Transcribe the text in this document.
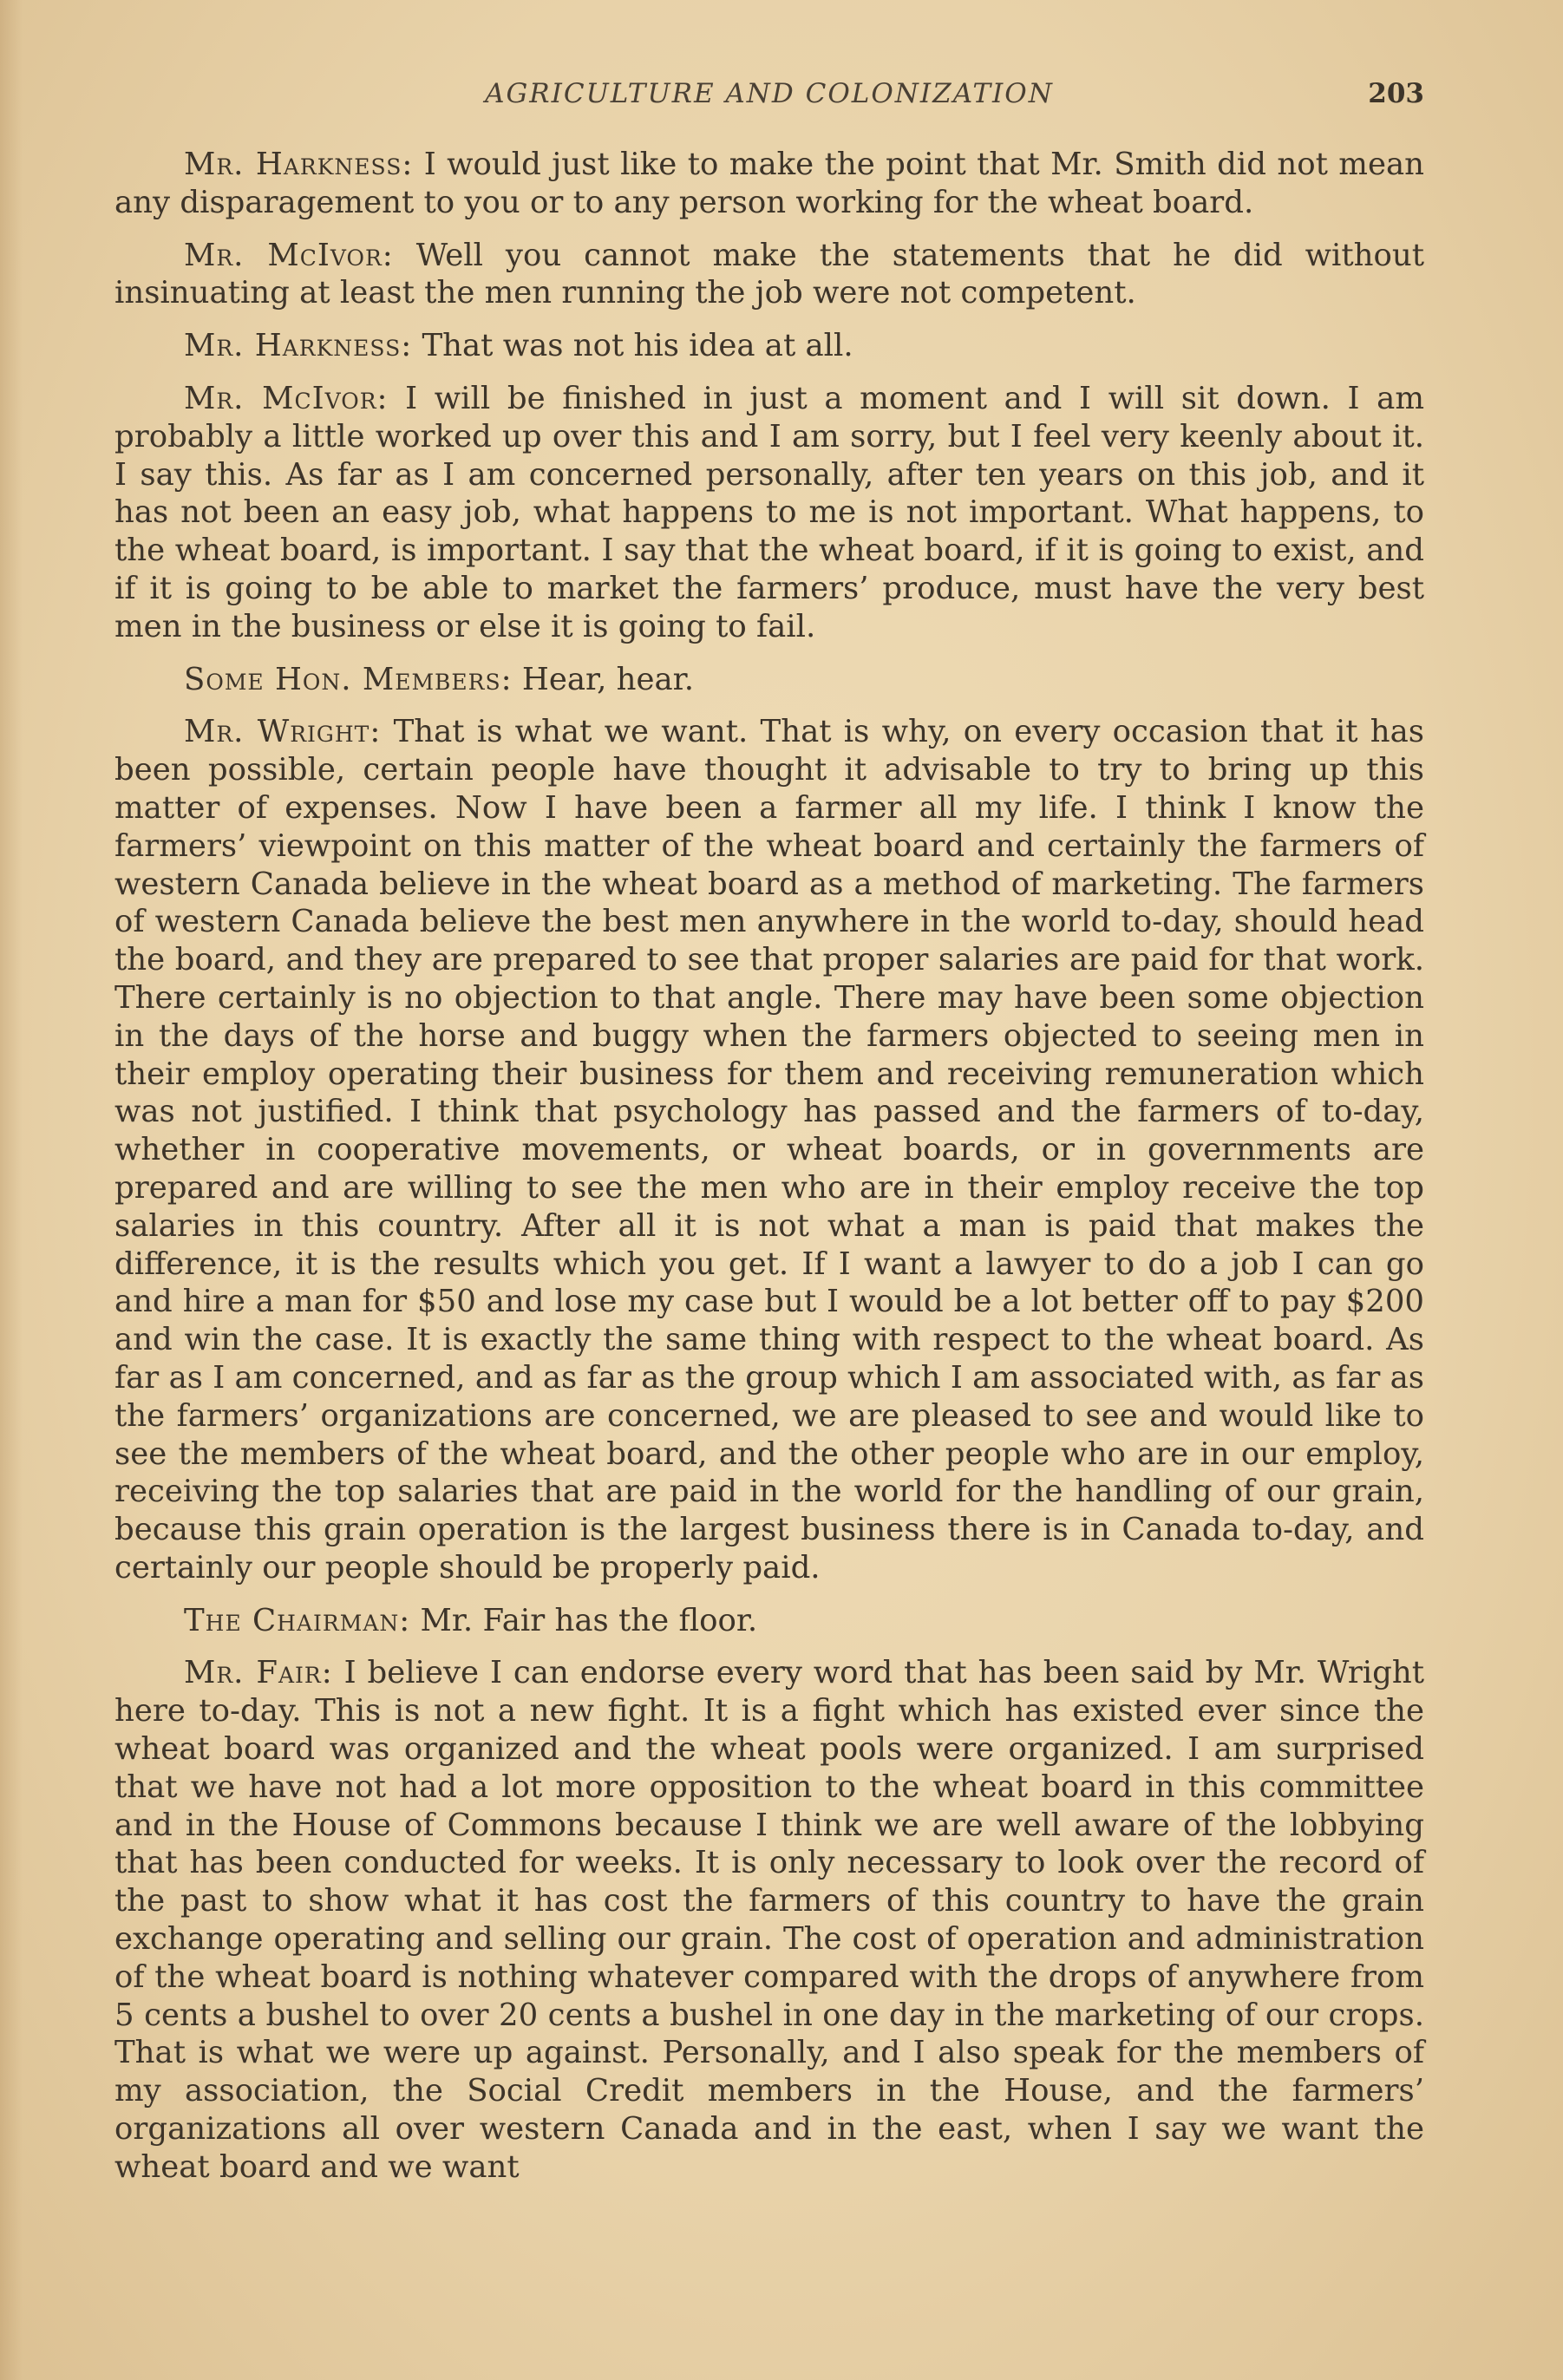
AGRICULTURE AND COLONIZATION	203

Mr. Harkness: I would just like to make the point that Mr. Smith did not mean any disparagement to you or to any person working for the wheat board.

Mr. McIvor: Well you cannot make the statements that he did without insinuating at least the men running the job were not competent.

Mr. Harkness: That was not his idea at all.

Mr. McIvor: I will be finished in just a moment and I will sit down. I am probably a little worked up over this and I am sorry, but I feel very keenly about it. I say this. As far as I am concerned personally, after ten years on this job, and it has not been an easy job, what happens to me is not important. What happens, to the wheat board, is important. I say that the wheat board, if it is going to exist, and if it is going to be able to market the farmers’ produce, must have the very best men in the business or else it is going to fail.

Some Hon. Members: Hear, hear.

Mr. Wright: That is what we want. That is why, on every occasion that it has been possible, certain people have thought it advisable to try to bring up this matter of expenses. Now I have been a farmer all my life. I think I know the farmers’ viewpoint on this matter of the wheat board and certainly the farmers of western Canada believe in the wheat board as a method of marketing. The farmers of western Canada believe the best men anywhere in the world to-day, should head the board, and they are prepared to see that proper salaries are paid for that work. There certainly is no objection to that angle. There may have been some objection in the days of the horse and buggy when the farmers objected to seeing men in their employ operating their business for them and receiving remuneration which was not justified. I think that psychology has passed and the farmers of to-day, whether in cooperative movements, or wheat boards, or in governments are prepared and are willing to see the men who are in their employ receive the top salaries in this country. After all it is not what a man is paid that makes the difference, it is the results which you get. If I want a lawyer to do a job I can go and hire a man for $50 and lose my case but I would be a lot better off to pay $200 and win the case. It is exactly the same thing with respect to the wheat board. As far as I am concerned, and as far as the group which I am associated with, as far as the farmers’ organizations are concerned, we are pleased to see and would like to see the members of the wheat board, and the other people who are in our employ, receiving the top salaries that are paid in the world for the handling of our grain, because this grain operation is the largest business there is in Canada to-day, and certainly our people should be properly paid.

The Chairman: Mr. Fair has the floor.

Mr. Fair: I believe I can endorse every word that has been said by Mr. Wright here to-day. This is not a new fight. It is a fight which has existed ever since the wheat board was organized and the wheat pools were organized. I am surprised that we have not had a lot more opposition to the wheat board in this committee and in the House of Commons because I think we are well aware of the lobbying that has been conducted for weeks. It is only necessary to look over the record of the past to show what it has cost the farmers of this country to have the grain exchange operating and selling our grain. The cost of operation and administration of the wheat board is nothing whatever compared with the drops of anywhere from 5 cents a bushel to over 20 cents a bushel in one day in the marketing of our crops. That is what we were up against. Personally, and I also speak for the members of my association, the Social Credit members in the House, and the farmers’ organizations all over western Canada and in the east, when I say we want the wheat board and we want
